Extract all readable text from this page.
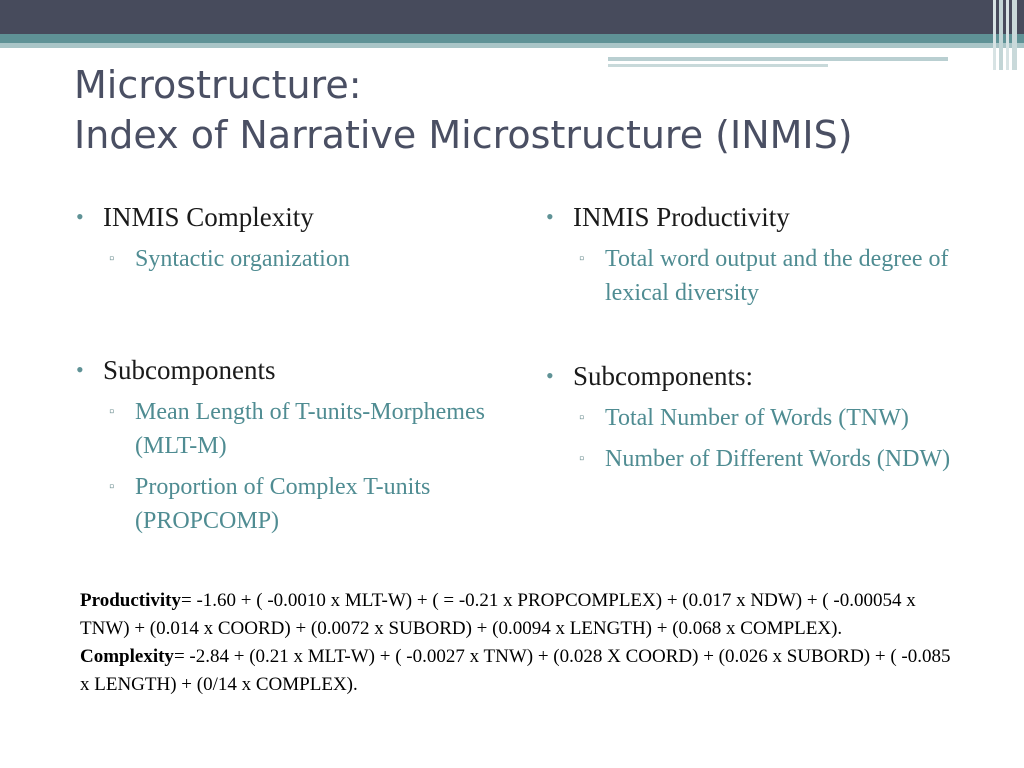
Microstructure:
Index of Narrative Microstructure (INMIS)
• INMIS Complexity
▫ Syntactic organization
• Subcomponents
▫ Mean Length of T-units-Morphemes (MLT-M)
▫ Proportion of Complex T-units (PROPCOMP)
• INMIS Productivity
▫ Total word output and the degree of lexical diversity
• Subcomponents:
▫ Total Number of Words (TNW)
▫ Number of Different Words (NDW)

Productivity= -1.60 + ( -0.0010 x MLT-W) + ( = -0.21 x PROPCOMPLEX) + (0.017 x NDW) + ( -0.00054 x TNW) + (0.014 x COORD) + (0.0072 x SUBORD) + (0.0094 x LENGTH) + (0.068 x COMPLEX).

Complexity= -2.84 + (0.21 x MLT-W) + ( -0.0027 x TNW) + (0.028 X COORD) + (0.026 x SUBORD) + ( -0.085 x LENGTH) + (0/14 x COMPLEX).
